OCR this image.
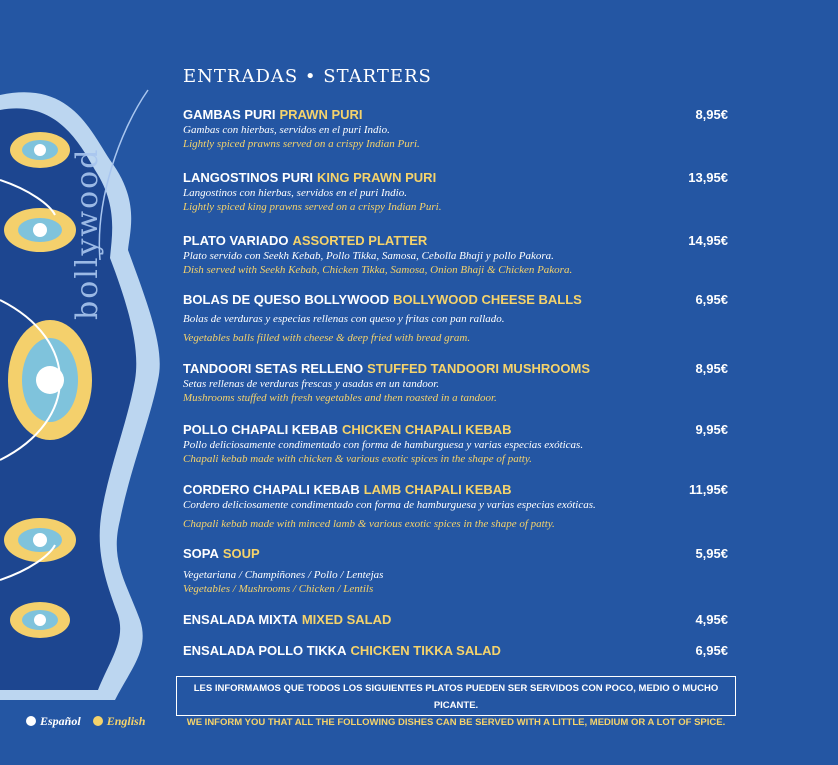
bollywood
Español	English
ENTRADAS • STARTERS
GAMBAS PURI PRAWN PURI	8,95€
Gambas con hierbas, servidos en el puri Indio.
Lightly spiced prawns served on a crispy Indian Puri.
LANGOSTINOS PURI KING PRAWN PURI	13,95€
Langostinos con hierbas, servidos en el puri Indio.
Lightly spiced king prawns served on a crispy Indian Puri.
PLATO VARIADO ASSORTED PLATTER	14,95€
Plato servido con Seekh Kebab, Pollo Tikka, Samosa, Cebolla Bhaji y pollo Pakora.
Dish served with Seekh Kebab, Chicken Tikka, Samosa, Onion Bhaji & Chicken Pakora.
BOLAS DE QUESO BOLLYWOOD BOLLYWOOD CHEESE BALLS	6,95€
Bolas de verduras y especias rellenas con queso y fritas con pan rallado.
Vegetables balls filled with cheese & deep fried with bread gram.
TANDOORI SETAS RELLENO STUFFED TANDOORI MUSHROOMS	8,95€
Setas rellenas de verduras frescas y asadas en un tandoor.
Mushrooms stuffed with fresh vegetables and then roasted in a tandoor.
POLLO CHAPALI KEBAB CHICKEN CHAPALI KEBAB	9,95€
Pollo deliciosamente condimentado con forma de hamburguesa y varias especias exóticas.
Chapali kebab made with chicken & various exotic spices in the shape of patty.
CORDERO CHAPALI KEBAB LAMB CHAPALI KEBAB	11,95€
Cordero deliciosamente condimentado con forma de hamburguesa y varias especias exóticas.
Chapali kebab made with minced lamb & various exotic spices in the shape of patty.
SOPA SOUP	5,95€
Vegetariana / Champiñones / Pollo / Lentejas
Vegetables / Mushrooms / Chicken / Lentils
ENSALADA MIXTA MIXED SALAD	4,95€
ENSALADA POLLO TIKKA CHICKEN TIKKA SALAD	6,95€
LES INFORMAMOS QUE TODOS LOS SIGUIENTES PLATOS PUEDEN SER SERVIDOS CON POCO, MEDIO O MUCHO PICANTE.
WE INFORM YOU THAT ALL THE FOLLOWING DISHES CAN BE SERVED WITH A LITTLE, MEDIUM OR A LOT OF SPICE.
